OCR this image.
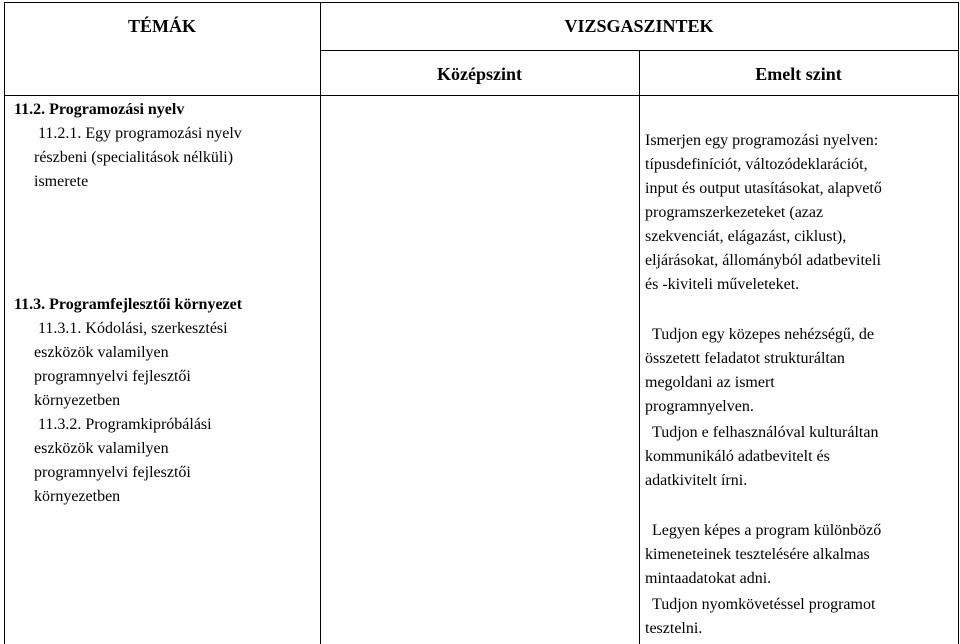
TÉMÁK	VIZSGASZINTEK
Középszint	Emelt szint

11.2. Programozási nyelv

11.2.1. Egy programozási nyelv

részbeni (specialitások nélküli)

ismerete

11.3. Programfejlesztői környezet

11.3.1. Kódolási, szerkesztési

eszközök valamilyen

programnyelvi fejlesztői

környezetben

11.3.2. Programkipróbálási

eszközök valamilyen

programnyelvi fejlesztői

környezetben

Ismerjen egy programozási nyelven:

típusdefiníciót, változódeklarációt,

input és output utasításokat, alapvető

programszerkezeteket (azaz

szekvenciát, elágazást, ciklust),

eljárásokat, állományból adatbeviteli

és -kiviteli műveleteket.

Tudjon egy közepes nehézségű, de

összetett feladatot strukturáltan

megoldani az ismert

programnyelven.

Tudjon e felhasználóval kulturáltan

kommunikáló adatbevitelt és

adatkivitelt írni.

Legyen képes a program különböző

kimeneteinek tesztelésére alkalmas

mintaadatokat adni.

Tudjon nyomkövetéssel programot

tesztelni.
